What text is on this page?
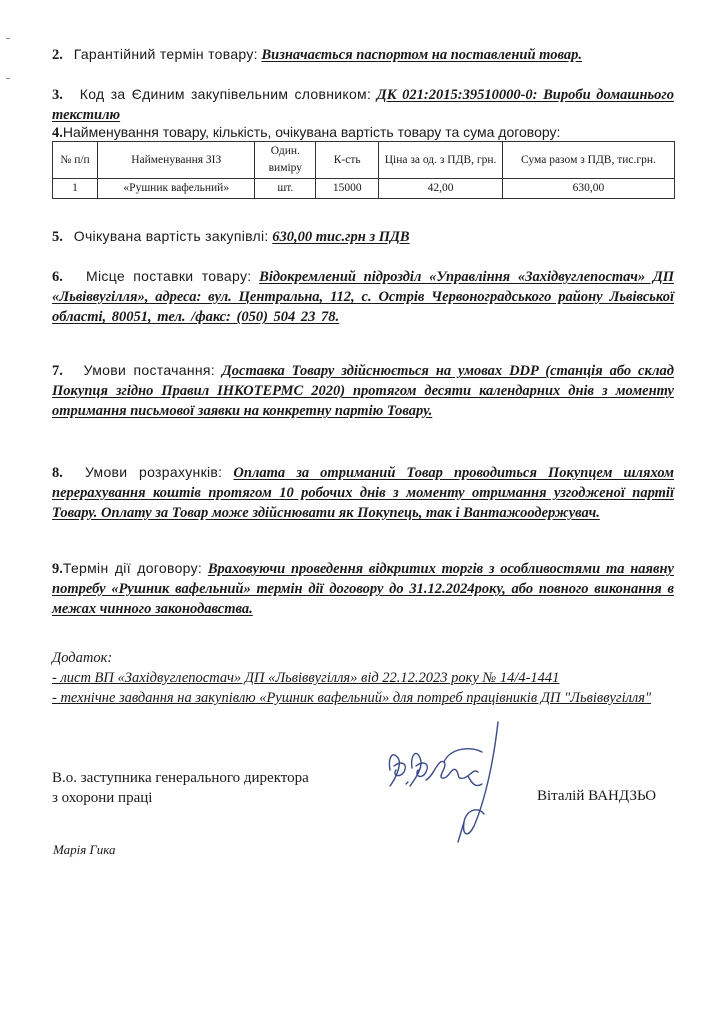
2. Гарантійний термін товару: Визначається паспортом на поставлений товар.
3. Код за Єдиним закупівельним словником: ДК 021:2015:39510000-0: Вироби домашнього текстилю
4.Найменування товару, кількість, очікувана вартість товару та сума договору:
№ п/п	Найменування ЗІЗ	Один. виміру	К-сть	Ціна за од. з ПДВ, грн.	Сума разом з ПДВ, тис.грн.
1	«Рушник вафельний»	шт.	15000	42,00	630,00
5. Очікувана вартість закупівлі: 630,00 тис.грн з ПДВ
6. Місце поставки товару: Відокремлений підрозділ «Управління «Західвуглепостач» ДП «Львіввугілля», адреса: вул. Центральна, 112, с. Острів Червоноградського району Львівської області, 80051, тел. /факс: (050) 504 23 78.
7. Умови постачання: Доставка Товару здійснюється на умовах DDP (станція або склад Покупця згідно Правил ІНКОТЕРМС 2020) протягом десяти календарних днів з моменту отримання письмової заявки на конкретну партію Товару.
8. Умови розрахунків: Оплата за отриманий Товар проводиться Покупцем шляхом перерахування коштів протягом 10 робочих днів з моменту отримання узгодженої партії Товару. Оплату за Товар може здійснювати як Покупець, так і Вантажоодержувач.
9.Термін дії договору: Враховуючи проведення відкритих торгів з особливостями та наявну потребу «Рушник вафельний» термін дії договору до 31.12.2024року, або повного виконання в межах чинного законодавства.
Додаток:
- лист ВП «Західвуглепостач» ДП «Львіввугілля» від 22.12.2023 року № 14/4-1441
- технічне завдання на закупівлю «Рушник вафельний» для потреб працівників ДП "Львіввугілля"
В.о. заступника генерального директора
з охорони праці	Віталій ВАНДЗЬО
Марія Гика
